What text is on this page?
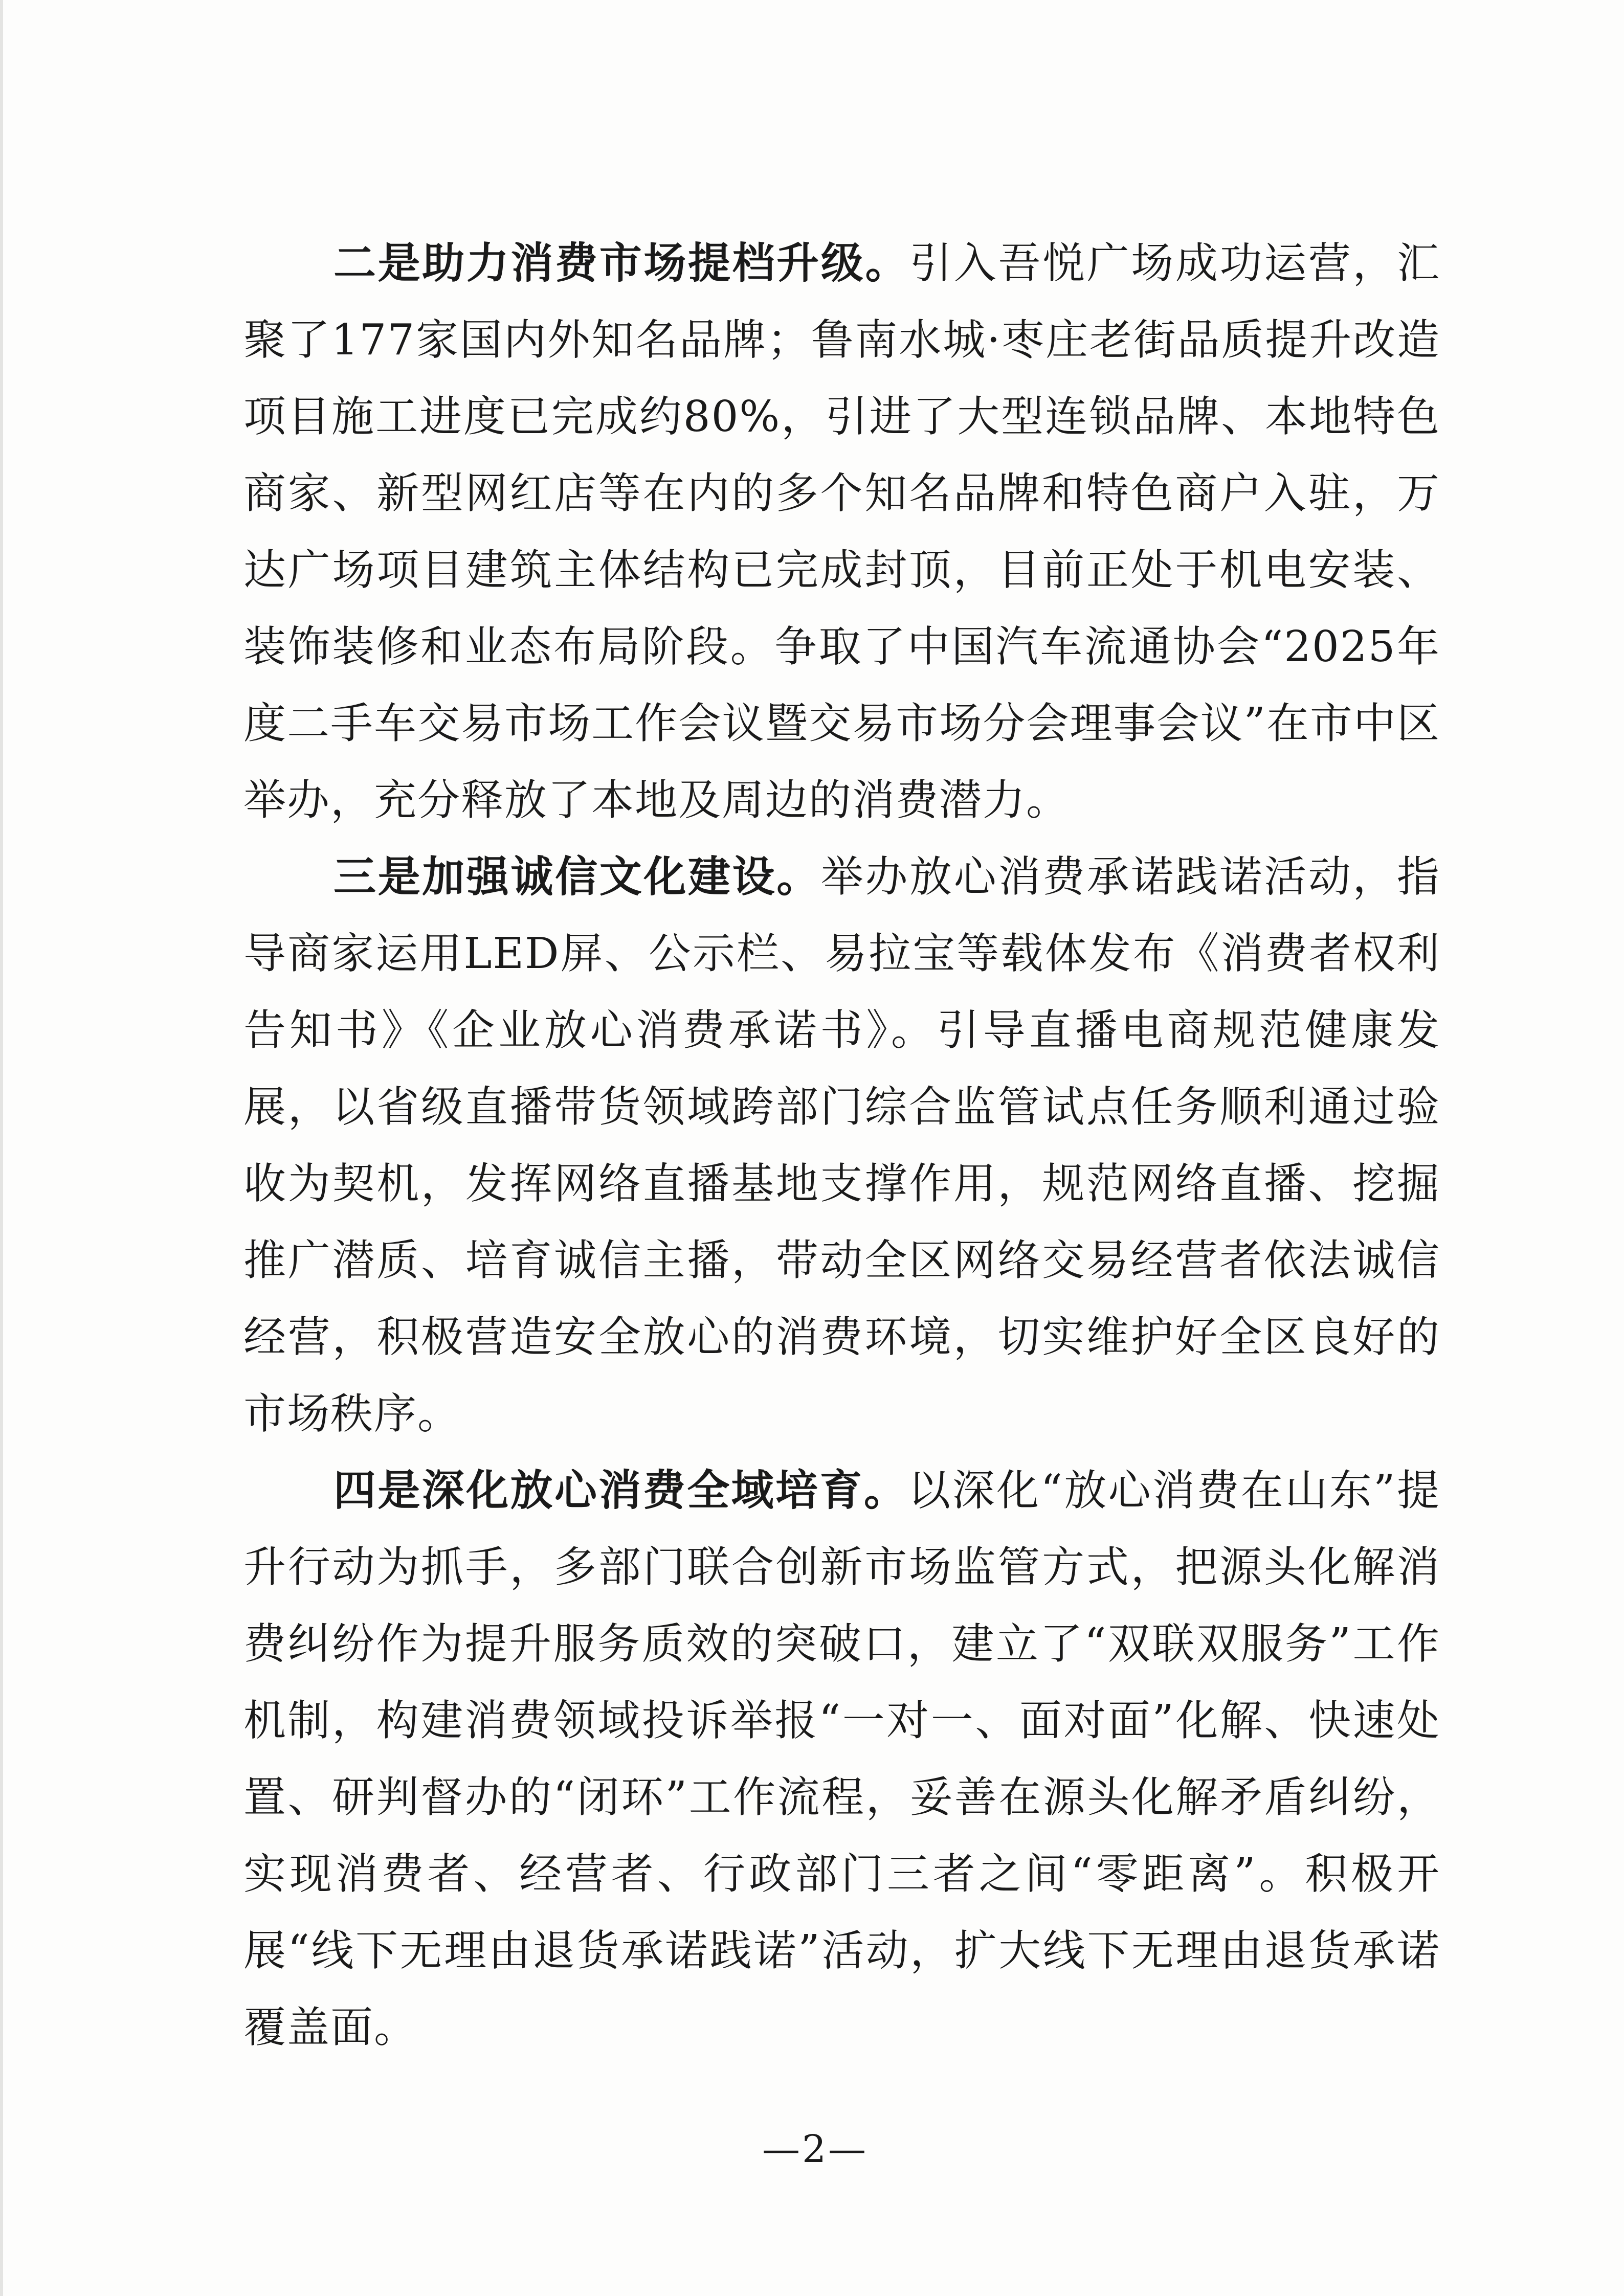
二是助力消费市场提档升级。引入吾悦广场成功运营，汇聚了177家国内外知名品牌；鲁南水城·枣庄老街品质提升改造项目施工进度已完成约80%，引进了大型连锁品牌、本地特色商家、新型网红店等在内的多个知名品牌和特色商户入驻，万达广场项目建筑主体结构已完成封顶，目前正处于机电安装、装饰装修和业态布局阶段。争取了中国汽车流通协会“2025年度二手车交易市场工作会议暨交易市场分会理事会议”在市中区举办，充分释放了本地及周边的消费潜力。

三是加强诚信文化建设。举办放心消费承诺践诺活动，指导商家运用LED屏、公示栏、易拉宝等载体发布《消费者权利告知书》《企业放心消费承诺书》。引导直播电商规范健康发展，以省级直播带货领域跨部门综合监管试点任务顺利通过验收为契机，发挥网络直播基地支撑作用，规范网络直播、挖掘推广潜质、培育诚信主播，带动全区网络交易经营者依法诚信经营，积极营造安全放心的消费环境，切实维护好全区良好的市场秩序。

四是深化放心消费全域培育。以深化“放心消费在山东”提升行动为抓手，多部门联合创新市场监管方式，把源头化解消费纠纷作为提升服务质效的突破口，建立了“双联双服务”工作机制，构建消费领域投诉举报“一对一、面对面”化解、快速处置、研判督办的“闭环”工作流程，妥善在源头化解矛盾纠纷，实现消费者、经营者、行政部门三者之间“零距离”。积极开展“线下无理由退货承诺践诺”活动，扩大线下无理由退货承诺覆盖面。

—2—
